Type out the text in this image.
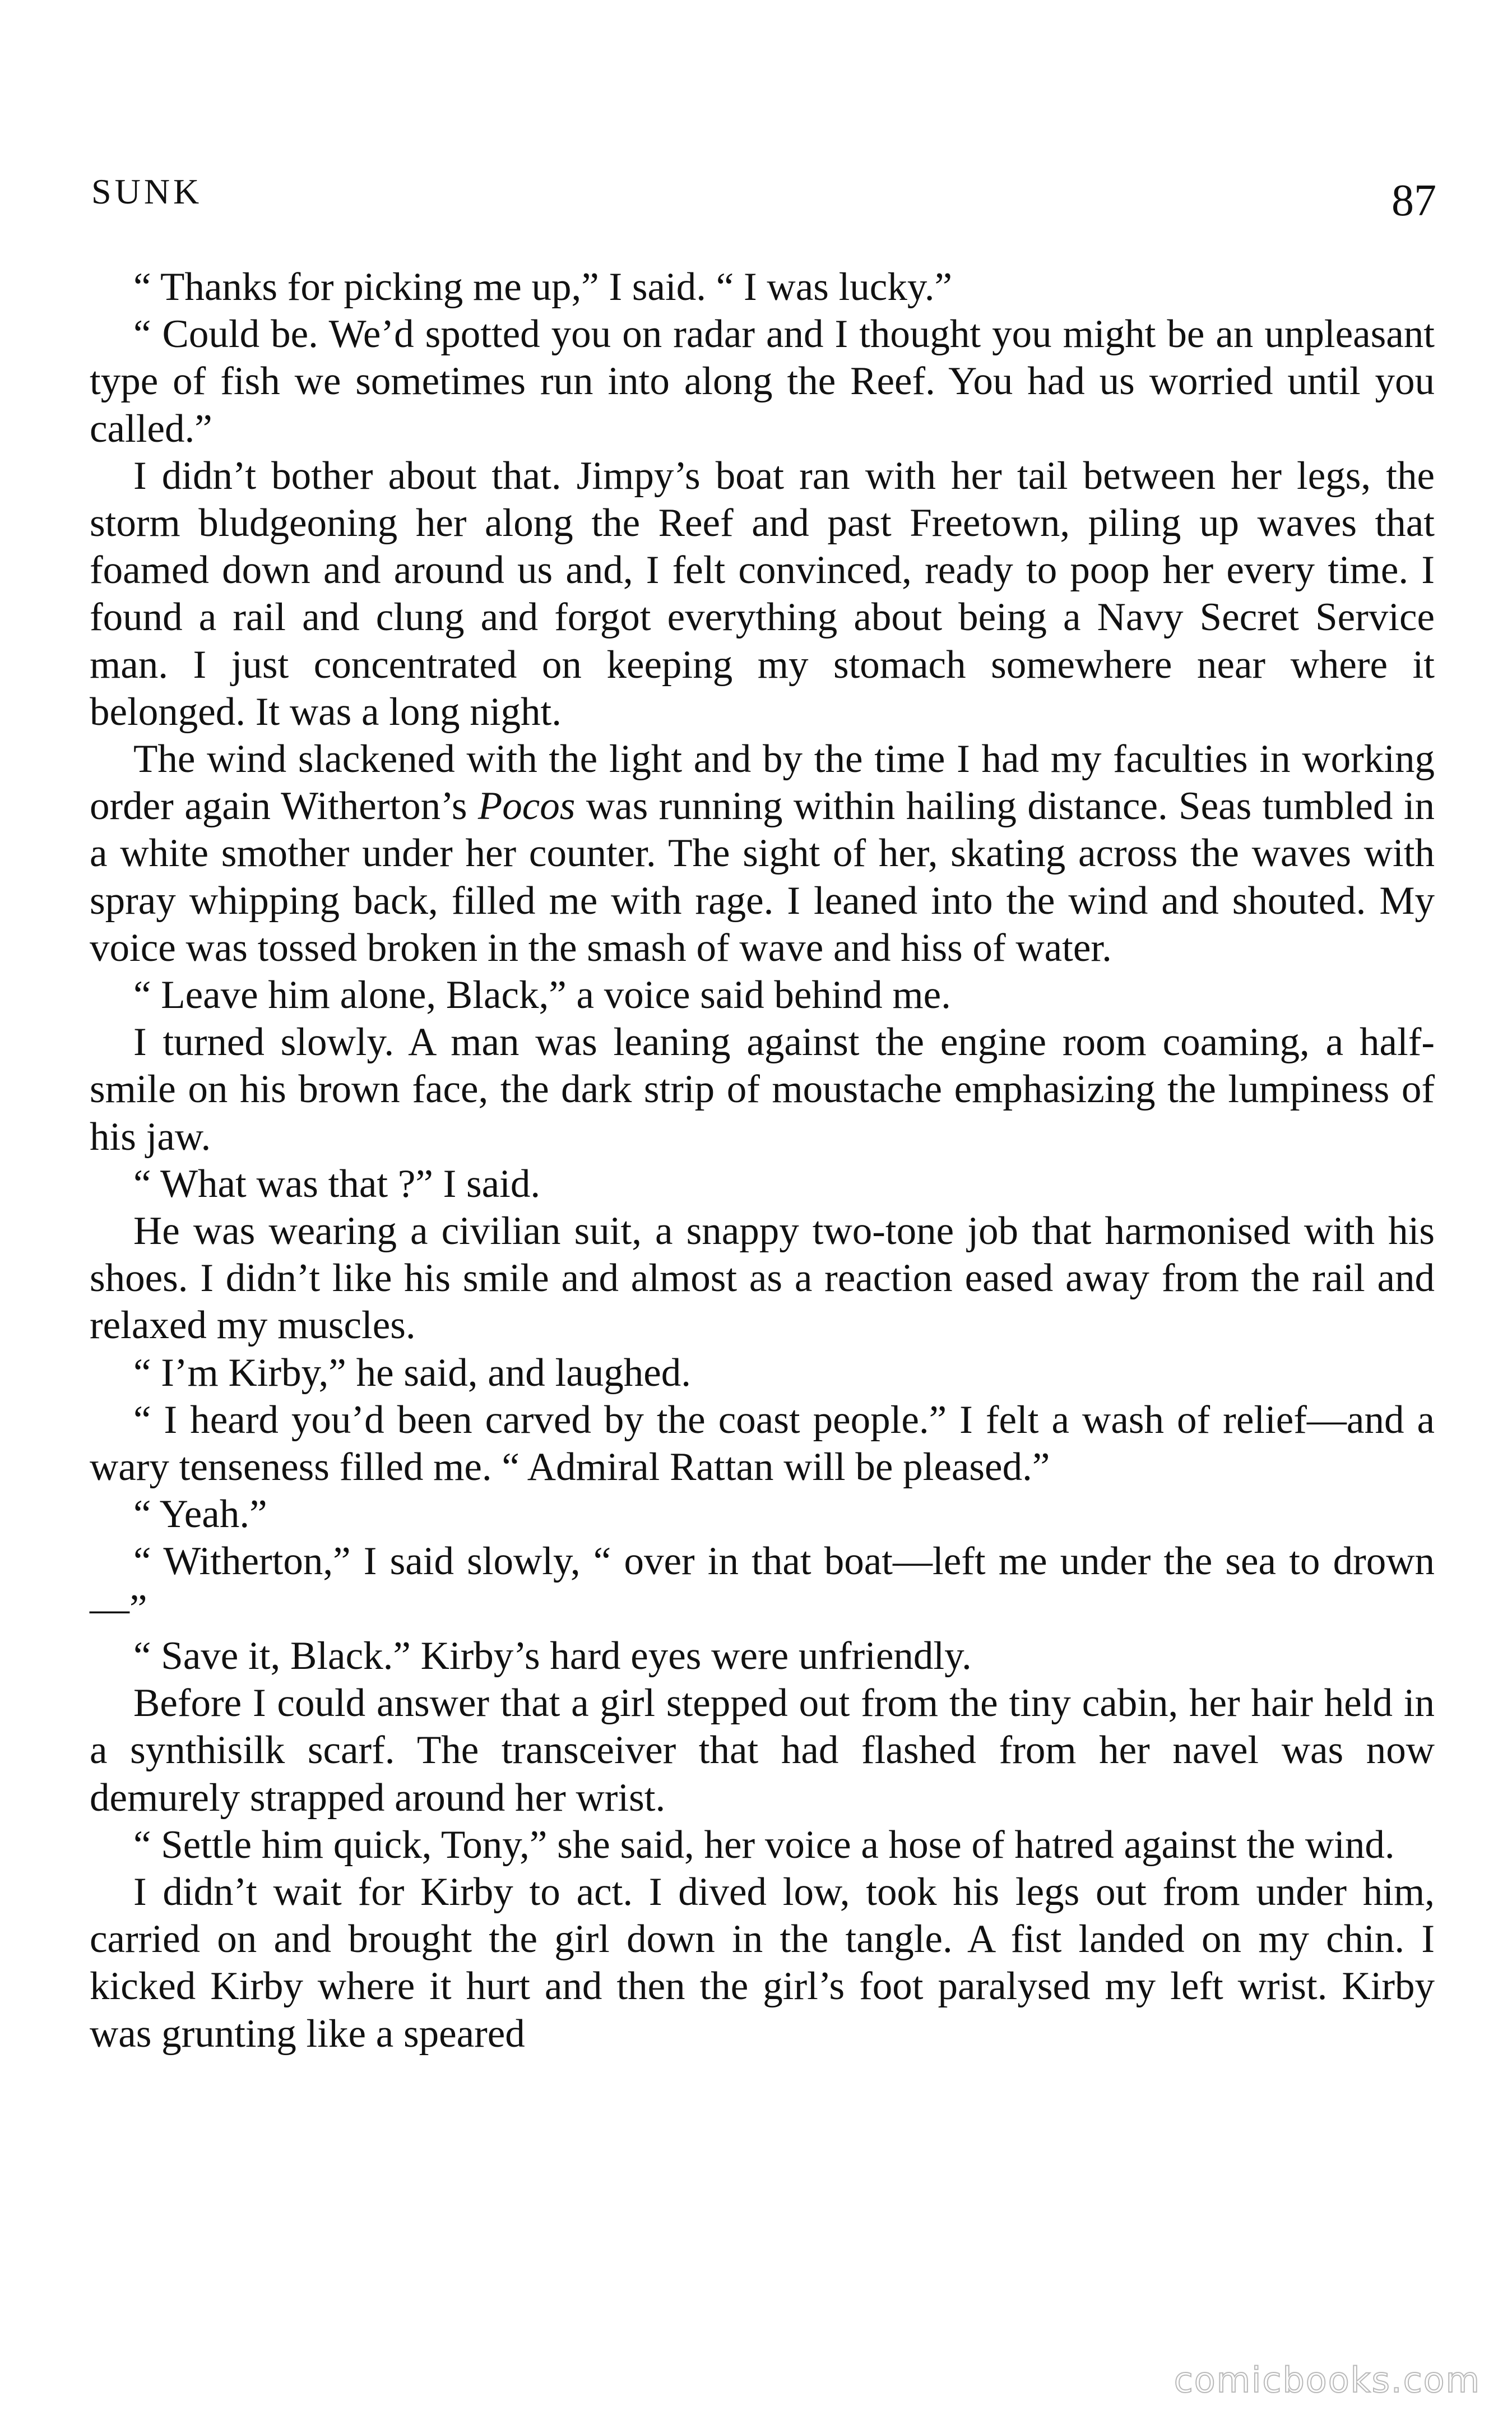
SUNK	87

“ Thanks for picking me up,” I said. “ I was lucky.”

“ Could be. We’d spotted you on radar and I thought you might be an unpleasant type of fish we sometimes run into along the Reef. You had us worried until you called.”

I didn’t bother about that. Jimpy’s boat ran with her tail between her legs, the storm bludgeoning her along the Reef and past Freetown, piling up waves that foamed down and around us and, I felt convinced, ready to poop her every time. I found a rail and clung and forgot everything about being a Navy Secret Service man. I just concentrated on keeping my stomach somewhere near where it belonged. It was a long night.

The wind slackened with the light and by the time I had my faculties in working order again Witherton’s Pocos was running within hailing distance. Seas tumbled in a white smother under her counter. The sight of her, skating across the waves with spray whipping back, filled me with rage. I leaned into the wind and shouted. My voice was tossed broken in the smash of wave and hiss of water.

“ Leave him alone, Black,” a voice said behind me.

I turned slowly. A man was leaning against the engine room coaming, a half-smile on his brown face, the dark strip of moustache emphasizing the lumpiness of his jaw.

“ What was that ?” I said.

He was wearing a civilian suit, a snappy two-tone job that harmonised with his shoes. I didn’t like his smile and almost as a reaction eased away from the rail and relaxed my muscles.

“ I’m Kirby,” he said, and laughed.

“ I heard you’d been carved by the coast people.” I felt a wash of relief—and a wary tenseness filled me. “ Admiral Rattan will be pleased.”

“ Yeah.”

“ Witherton,” I said slowly, “ over in that boat—left me under the sea to drown—”

“ Save it, Black.” Kirby’s hard eyes were unfriendly.

Before I could answer that a girl stepped out from the tiny cabin, her hair held in a synthisilk scarf. The transceiver that had flashed from her navel was now demurely strapped around her wrist.

“ Settle him quick, Tony,” she said, her voice a hose of hatred against the wind.

I didn’t wait for Kirby to act. I dived low, took his legs out from under him, carried on and brought the girl down in the tangle. A fist landed on my chin. I kicked Kirby where it hurt and then the girl’s foot paralysed my left wrist. Kirby was grunting like a speared

comicbooks.com
